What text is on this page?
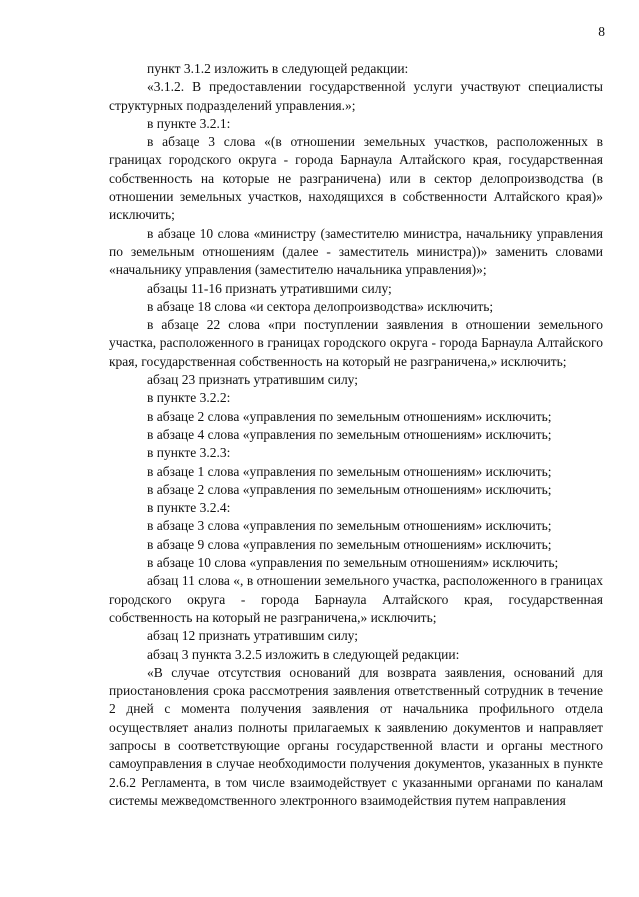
8

пункт 3.1.2 изложить в следующей редакции:

«3.1.2. В предоставлении государственной услуги участвуют специалисты структурных подразделений управления.»;

в пункте 3.2.1:

в абзаце 3 слова «(в отношении земельных участков, расположенных в границах городского округа - города Барнаула Алтайского края, государственная собственность на которые не разграничена) или в сектор делопроизводства (в отношении земельных участков, находящихся в собственности Алтайского края)» исключить;

в абзаце 10 слова «министру (заместителю министра, начальнику управления по земельным отношениям (далее - заместитель министра))» заменить словами «начальнику управления (заместителю начальника управления)»;

абзацы 11-16 признать утратившими силу;

в абзаце 18 слова «и сектора делопроизводства» исключить;

в абзаце 22 слова «при поступлении заявления в отношении земельного участка, расположенного в границах городского округа - города Барнаула Алтайского края, государственная собственность на который не разграничена,» исключить;

абзац 23 признать утратившим силу;

в пункте 3.2.2:

в абзаце 2 слова «управления по земельным отношениям» исключить;

в абзаце 4 слова «управления по земельным отношениям» исключить;

в пункте 3.2.3:

в абзаце 1 слова «управления по земельным отношениям» исключить;

в абзаце 2 слова «управления по земельным отношениям» исключить;

в пункте 3.2.4:

в абзаце 3 слова «управления по земельным отношениям» исключить;

в абзаце 9 слова «управления по земельным отношениям» исключить;

в абзаце 10 слова «управления по земельным отношениям» исключить;

абзац 11 слова «, в отношении земельного участка, расположенного в границах городского округа - города Барнаула Алтайского края, государственная собственность на который не разграничена,» исключить;

абзац 12 признать утратившим силу;

абзац 3 пункта 3.2.5 изложить в следующей редакции:

«В случае отсутствия оснований для возврата заявления, оснований для приостановления срока рассмотрения заявления ответственный сотрудник в течение 2 дней с момента получения заявления от начальника профильного отдела осуществляет анализ полноты прилагаемых к заявлению документов и направляет запросы в соответствующие органы государственной власти и органы местного самоуправления в случае необходимости получения документов, указанных в пункте 2.6.2 Регламента, в том числе взаимодействует с указанными органами по каналам системы межведомственного электронного взаимодействия путем направления
